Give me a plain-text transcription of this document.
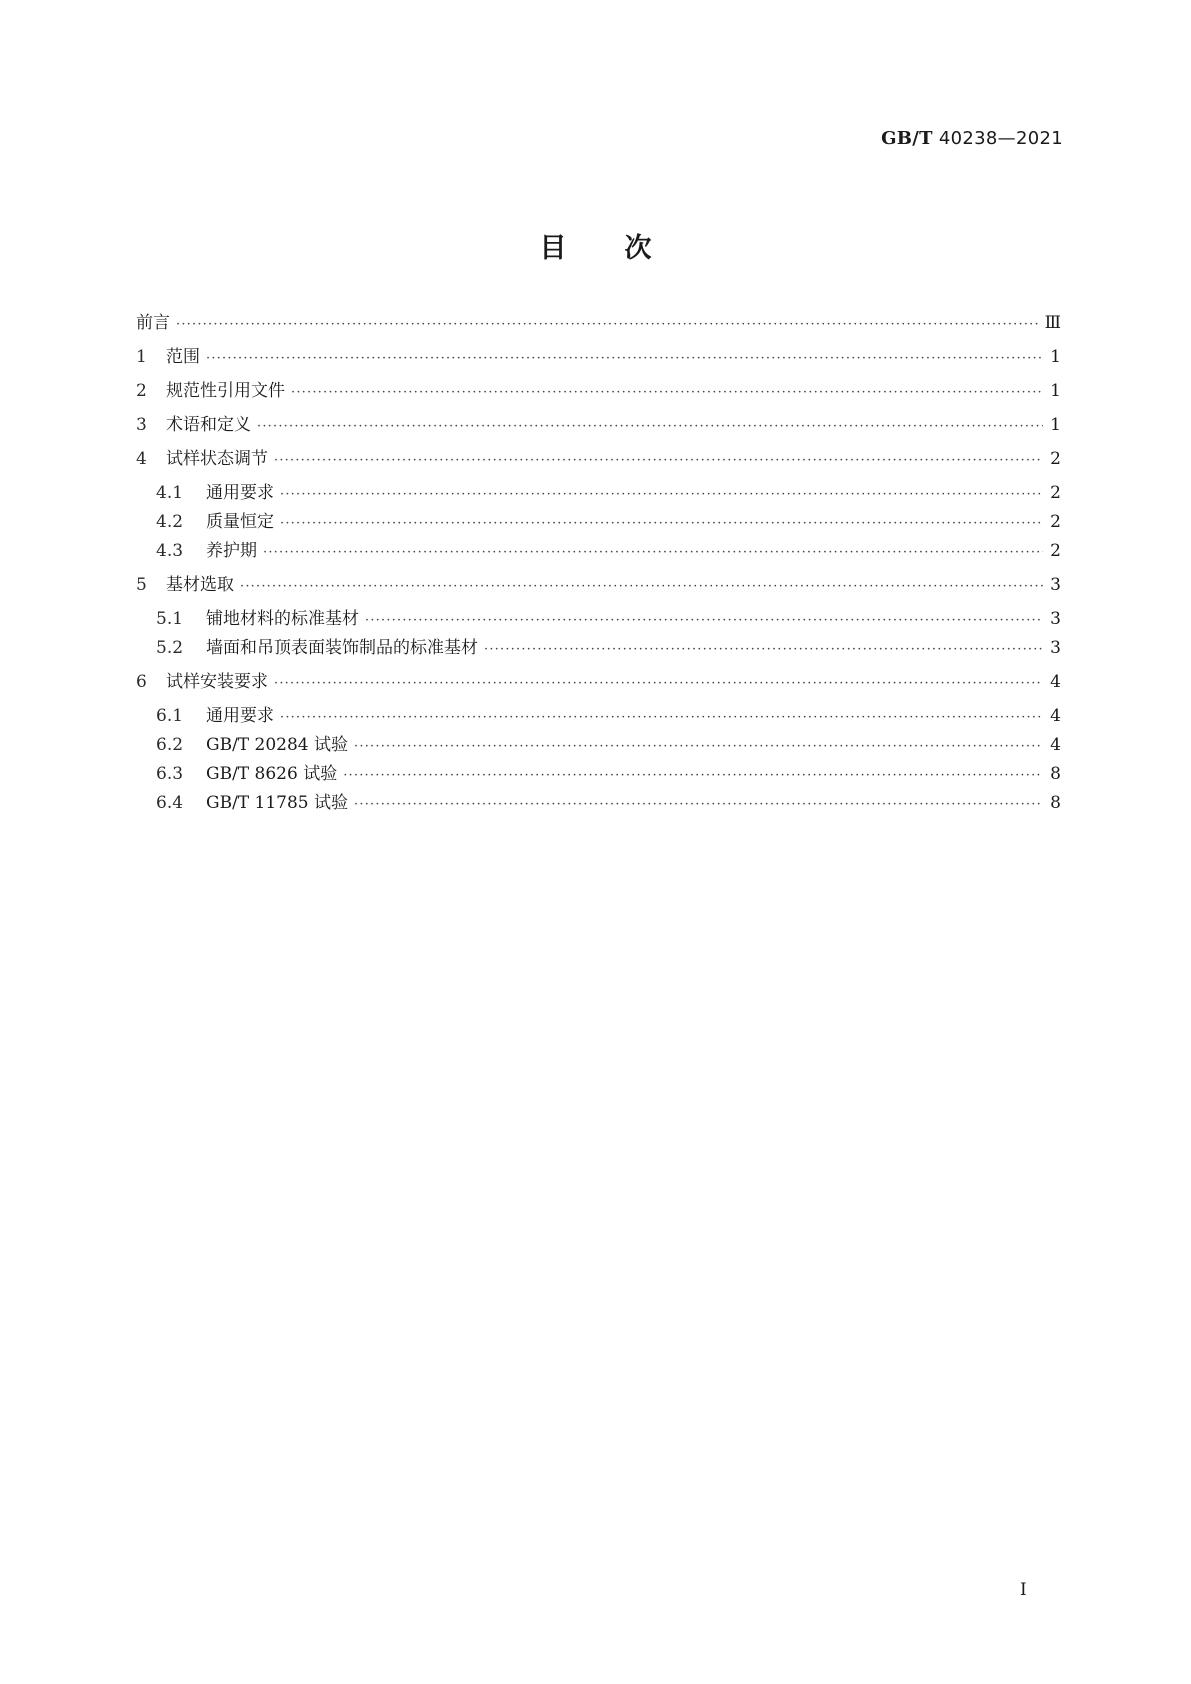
GB/T 40238—2021
目次
前言 ·····	Ⅲ
1	范围 ·····	1
2	规范性引用文件 ·····	1
3	术语和定义 ·····	1
4	试样状态调节 ·····	2
4.1	通用要求 ·····	2
4.2	质量恒定 ·····	2
4.3	养护期 ·····	2
5	基材选取 ·····	3
5.1	铺地材料的标准基材 ·····	3
5.2	墙面和吊顶表面装饰制品的标准基材 ·····	3
6	试样安装要求 ·····	4
6.1	通用要求 ·····	4
6.2	GB/T 20284 试验 ·····	4
6.3	GB/T 8626 试验 ·····	8
6.4	GB/T 11785 试验 ·····	8
I
